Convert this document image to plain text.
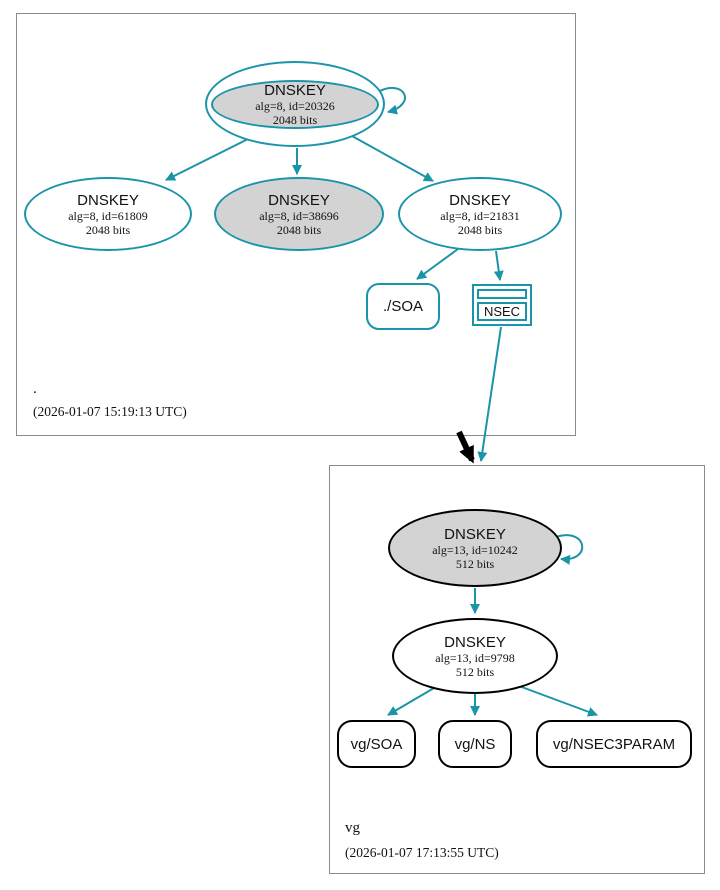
DNSKEY
alg=8, id=20326
2048 bits
DNSKEY
alg=8, id=61809
2048 bits
DNSKEY
alg=8, id=38696
2048 bits
DNSKEY
alg=8, id=21831
2048 bits
./SOA	NSEC
.
(2026-01-07 15:19:13 UTC)
DNSKEY
alg=13, id=10242
512 bits
DNSKEY
alg=13, id=9798
512 bits
vg/SOA	vg/NS	vg/NSEC3PARAM
vg
(2026-01-07 17:13:55 UTC)
